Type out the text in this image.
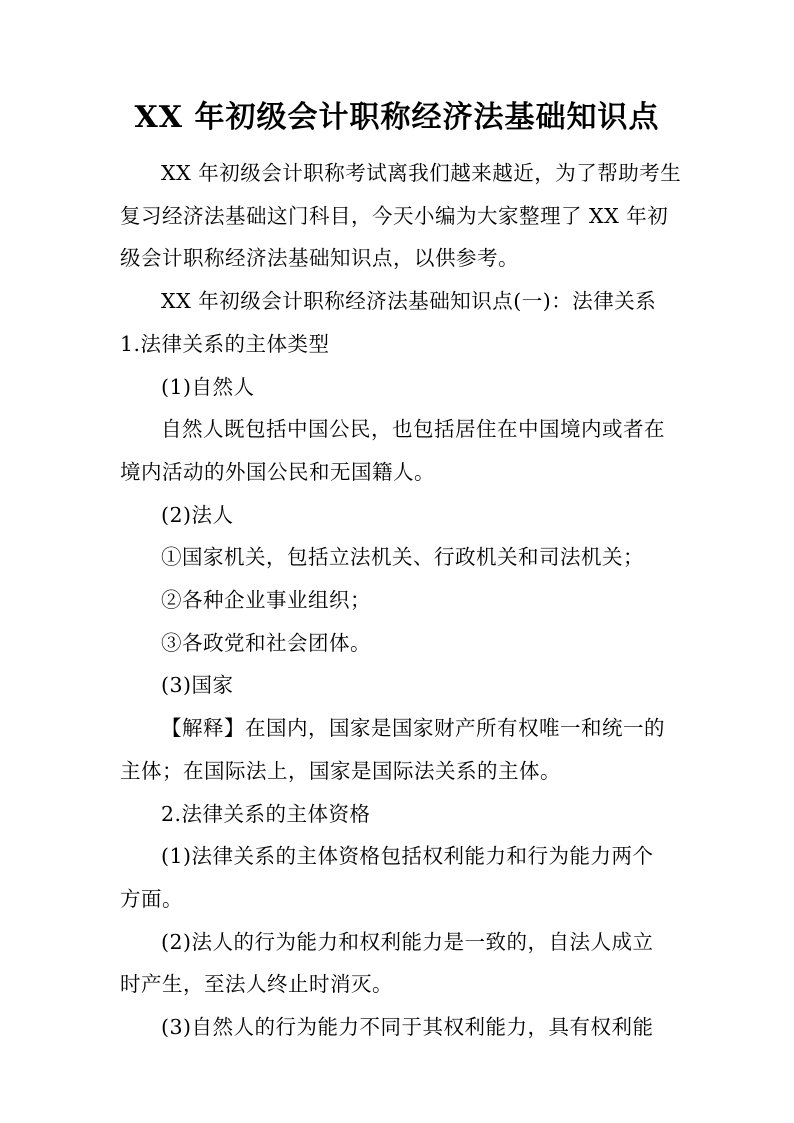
XX 年初级会计职称经济法基础知识点

XX 年初级会计职称考试离我们越来越近，为了帮助考生
复习经济法基础这门科目，今天小编为大家整理了 XX 年初
级会计职称经济法基础知识点，以供参考。

XX 年初级会计职称经济法基础知识点(一)：法律关系

1.法律关系的主体类型

(1)自然人

自然人既包括中国公民，也包括居住在中国境内或者在
境内活动的外国公民和无国籍人。

(2)法人

①国家机关，包括立法机关、行政机关和司法机关；

②各种企业事业组织；

③各政党和社会团体。

(3)国家

【解释】在国内，国家是国家财产所有权唯一和统一的
主体；在国际法上，国家是国际法关系的主体。

2.法律关系的主体资格

(1)法律关系的主体资格包括权利能力和行为能力两个
方面。

(2)法人的行为能力和权利能力是一致的，自法人成立
时产生，至法人终止时消灭。

(3)自然人的行为能力不同于其权利能力，具有权利能
